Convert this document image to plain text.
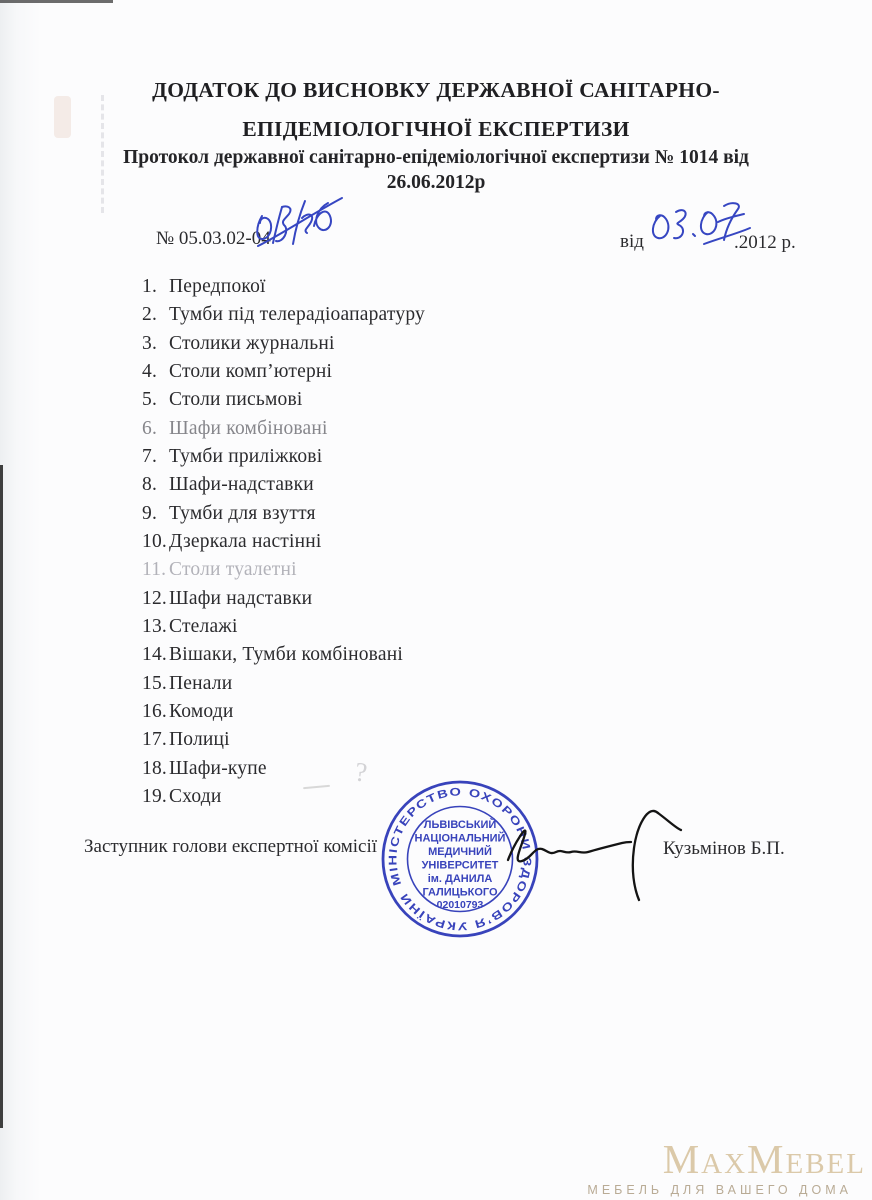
ДОДАТОК ДО ВИСНОВКУ ДЕРЖАВНОЇ САНІТАРНО-
ЕПІДЕМІОЛОГІЧНОЇ ЕКСПЕРТИЗИ
Протокол державної санітарно-епідеміологічної експертизи № 1014 від
26.06.2012р
№ 05.03.02-04	від	.2012 р.
1. Передпокої
2. Тумби під телерадіоапаратуру
3. Столики журнальні
4. Столи комп’ютерні
5. Столи письмові
6. Шафи комбіновані
7. Тумби приліжкові
8. Шафи-надставки
9. Тумби для взуття
10. Дзеркала настінні
11. Столи туалетні
12. Шафи надставки
13. Стелажі
14. Вішаки, Тумби комбіновані
15. Пенали
16. Комоди
17. Полиці
18. Шафи-купе
19. Сходи
?
Заступник голови експертної комісії	Кузьмінов Б.П.
МІНІСТЕРСТВО ОХОРОНИ ЗДОРОВ’Я УКРАЇНИ
ЛЬВІВСЬКИЙ
НАЦІОНАЛЬНИЙ
МЕДИЧНИЙ
УНІВЕРСИТЕТ
ім. ДАНИЛА
ГАЛИЦЬКОГО
02010793
MaxMebel
МЕБЕЛЬ ДЛЯ ВАШЕГО ДОМА
